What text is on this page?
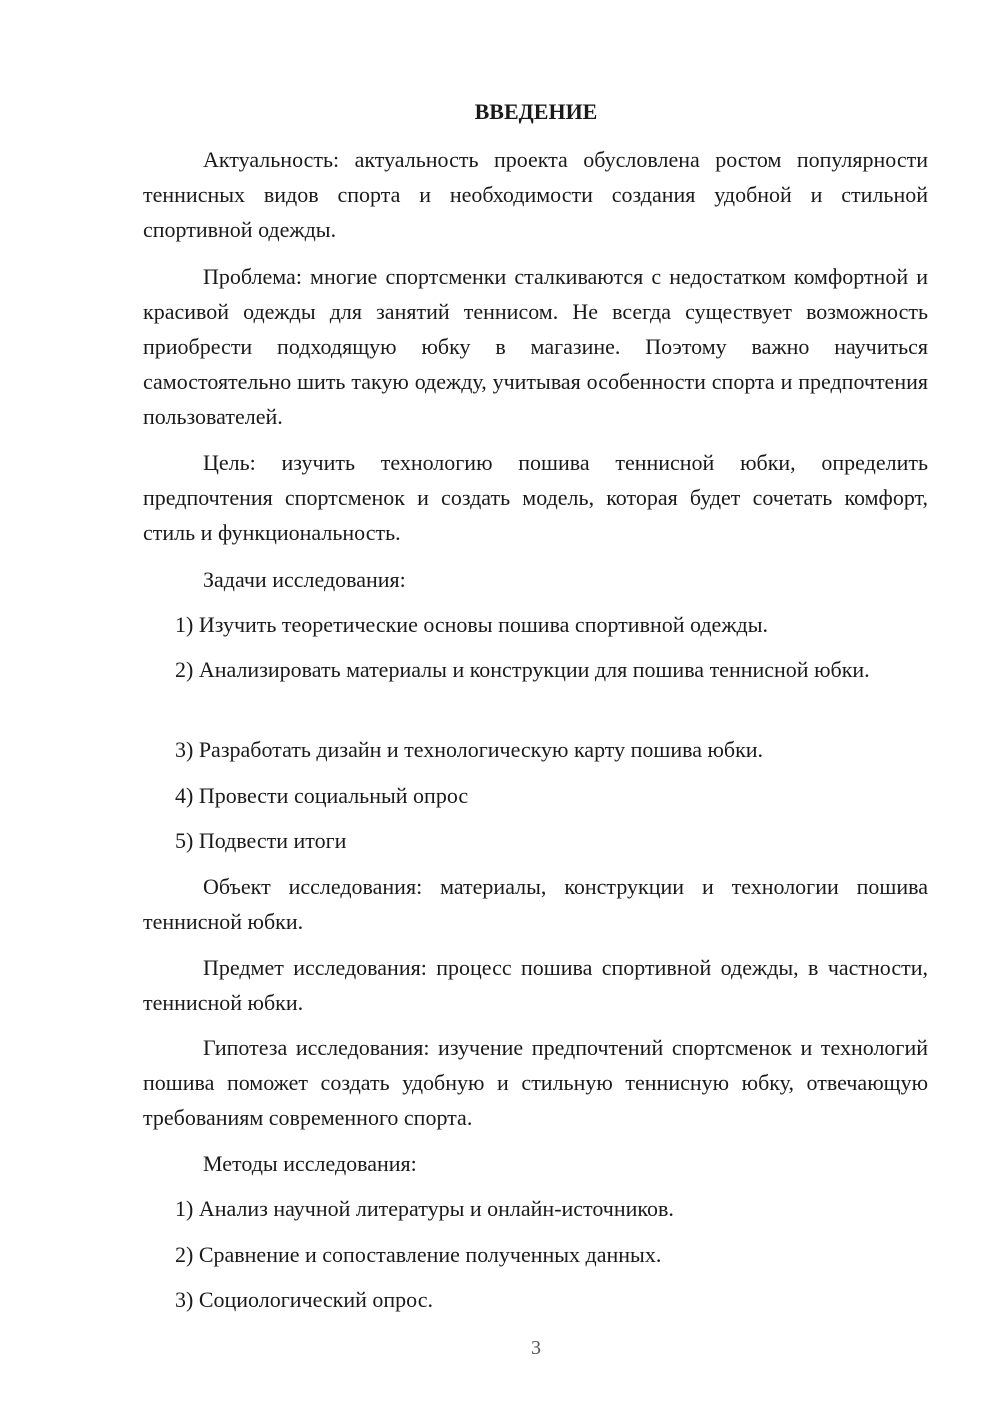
ВВЕДЕНИЕ

Актуальность: актуальность проекта обусловлена ростом популярности теннисных видов спорта и необходимости создания удобной и стильной спортивной одежды.

Проблема: многие спортсменки сталкиваются с недостатком комфортной и красивой одежды для занятий теннисом. Не всегда существует возможность приобрести подходящую юбку в магазине. Поэтому важно научиться самостоятельно шить такую одежду, учитывая особенности спорта и предпочтения пользователей.

Цель: изучить технологию пошива теннисной юбки, определить предпочтения спортсменок и создать модель, которая будет сочетать комфорт, стиль и функциональность.

Задачи исследования:

1) Изучить теоретические основы пошива спортивной одежды.

2) Анализировать материалы и конструкции для пошива теннисной юбки.

3) Разработать дизайн и технологическую карту пошива юбки.

4) Провести социальный опрос

5) Подвести итоги

Объект исследования: материалы, конструкции и технологии пошива теннисной юбки.

Предмет исследования: процесс пошива спортивной одежды, в частности, теннисной юбки.

Гипотеза исследования: изучение предпочтений спортсменок и технологий пошива поможет создать удобную и стильную теннисную юбку, отвечающую требованиям современного спорта.

Методы исследования:

1) Анализ научной литературы и онлайн-источников.

2) Сравнение и сопоставление полученных данных.

3) Социологический опрос.

3
